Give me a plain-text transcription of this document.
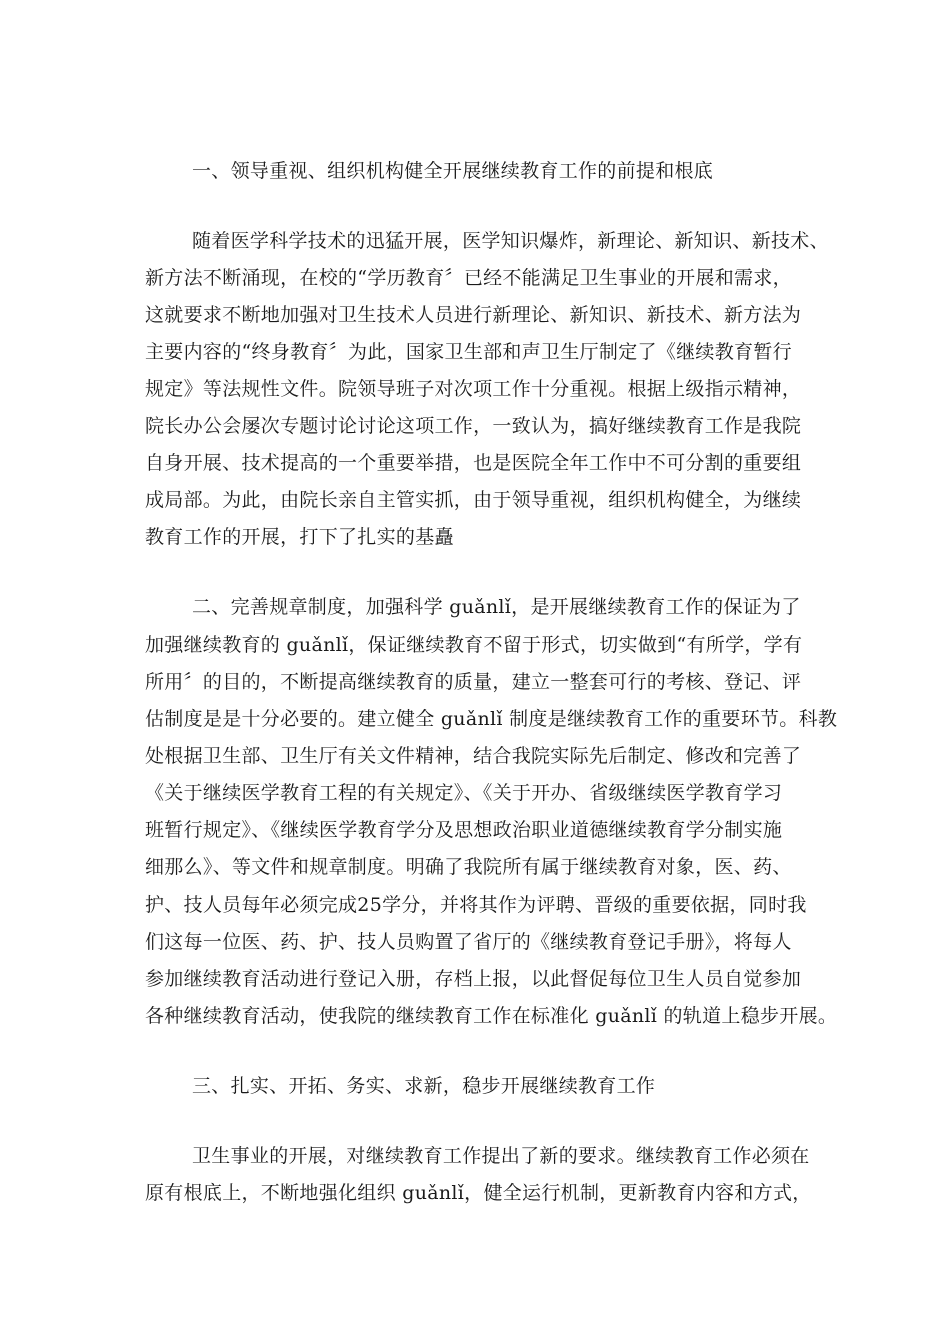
一、领导重视、组织机构健全开展继续教育工作的前提和根底
随着医学科学技术的迅猛开展，医学知识爆炸，新理论、新知识、新技术、
新方法不断涌现，在校的“学历教育〞已经不能满足卫生事业的开展和需求，
这就要求不断地加强对卫生技术人员进行新理论、新知识、新技术、新方法为
主要内容的“终身教育〞为此，国家卫生部和声卫生厅制定了《继续教育暂行
规定》等法规性文件。院领导班子对次项工作十分重视。根据上级指示精神，
院长办公会屡次专题讨论讨论这项工作，一致认为，搞好继续教育工作是我院
自身开展、技术提高的一个重要举措，也是医院全年工作中不可分割的重要组
成局部。为此，由院长亲自主管实抓，由于领导重视，组织机构健全，为继续
教育工作的开展，打下了扎实的基矗
二、完善规章制度，加强科学 guǎnlǐ，是开展继续教育工作的保证为了
加强继续教育的 guǎnlǐ，保证继续教育不留于形式，切实做到“有所学，学有
所用〞的目的，不断提高继续教育的质量，建立一整套可行的考核、登记、评
估制度是是十分必要的。建立健全 guǎnlǐ 制度是继续教育工作的重要环节。科教
处根据卫生部、卫生厅有关文件精神，结合我院实际先后制定、修改和完善了
《关于继续医学教育工程的有关规定》、《关于开办、省级继续医学教育学习
班暂行规定》、《继续医学教育学分及思想政治职业道德继续教育学分制实施
细那么》、等文件和规章制度。明确了我院所有属于继续教育对象，医、药、
护、技人员每年必须完成25学分，并将其作为评聘、晋级的重要依据，同时我
们这每一位医、药、护、技人员购置了省厅的《继续教育登记手册》，将每人
参加继续教育活动进行登记入册，存档上报，以此督促每位卫生人员自觉参加
各种继续教育活动，使我院的继续教育工作在标准化 guǎnlǐ 的轨道上稳步开展。
三、扎实、开拓、务实、求新，稳步开展继续教育工作
卫生事业的开展，对继续教育工作提出了新的要求。继续教育工作必须在
原有根底上，不断地强化组织 guǎnlǐ，健全运行机制，更新教育内容和方式，
